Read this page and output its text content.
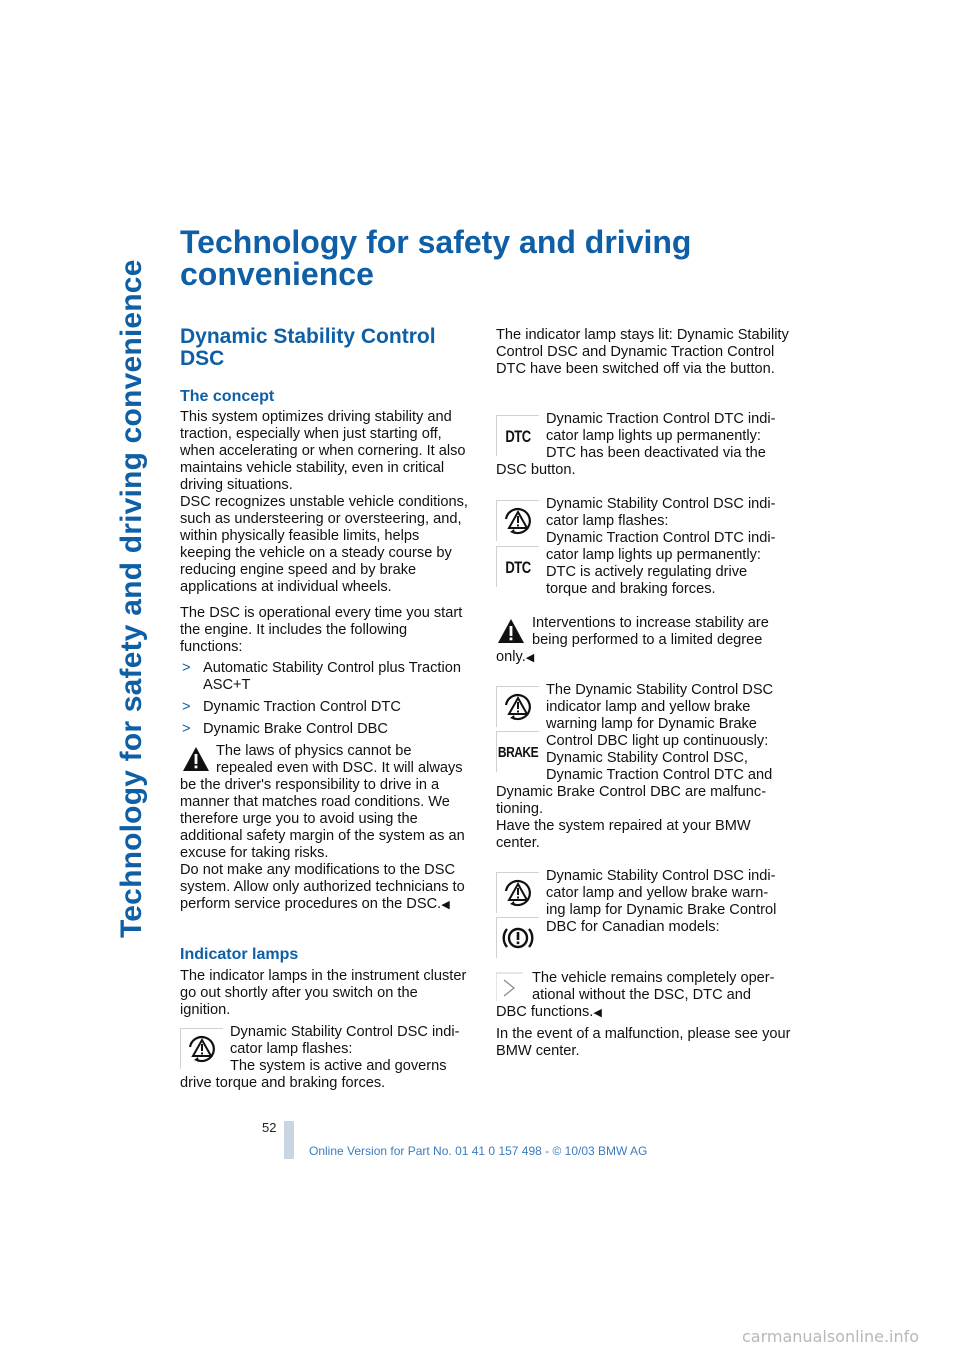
Technology for safety and driving convenience
Technology for safety and driving convenience
Dynamic Stability Control DSC
The concept

This system optimizes driving stability and traction, especially when just starting off, when accelerating or when cornering. It also maintains vehicle stability, even in critical driving situations.

DSC recognizes unstable vehicle conditions, such as understeering or oversteering, and, within physically feasible limits, helps keeping the vehicle on a steady course by reducing engine speed and by brake applications at individual wheels.

The DSC is operational every time you start the engine. It includes the following functions:

> Automatic Stability Control plus Traction ASC+T
> Dynamic Traction Control DTC
> Dynamic Brake Control DBC

The laws of physics cannot be

repealed even with DSC. It will always

be the driver's responsibility to drive in a manner that matches road conditions. We therefore urge you to avoid using the additional safety margin of the system as an excuse for taking risks.

Do not make any modifications to the DSC system. Allow only authorized technicians to perform service procedures on the DSC.◀

Indicator lamps

The indicator lamps in the instrument cluster go out shortly after you switch on the ignition.

Dynamic Stability Control DSC indi-

cator lamp flashes:

The system is active and governs

drive torque and braking forces.

The indicator lamp stays lit: Dynamic Stability Control DSC and Dynamic Traction Control DTC have been switched off via the button.

DTC

Dynamic Traction Control DTC indi-

cator lamp lights up permanently:

DTC has been deactivated via the

DSC button.

DTC

Dynamic Stability Control DSC indi-

cator lamp flashes:

Dynamic Traction Control DTC indi-

cator lamp lights up permanently:

DTC is actively regulating drive

torque and braking forces.

Interventions to increase stability are

being performed to a limited degree

only.◀

BRAKE

The Dynamic Stability Control DSC

indicator lamp and yellow brake

warning lamp for Dynamic Brake

Control DBC light up continuously:

Dynamic Stability Control DSC,

Dynamic Traction Control DTC and

Dynamic Brake Control DBC are malfunc-

tioning.

Have the system repaired at your BMW

center.

Dynamic Stability Control DSC indi-

cator lamp and yellow brake warn-

ing lamp for Dynamic Brake Control

DBC for Canadian models:

The vehicle remains completely oper-

ational without the DSC, DTC and

DBC functions.◀

In the event of a malfunction, please see your BMW center.

52
Online Version for Part No. 01 41 0 157 498 - © 10/03 BMW AG
carmanualsonline.info
